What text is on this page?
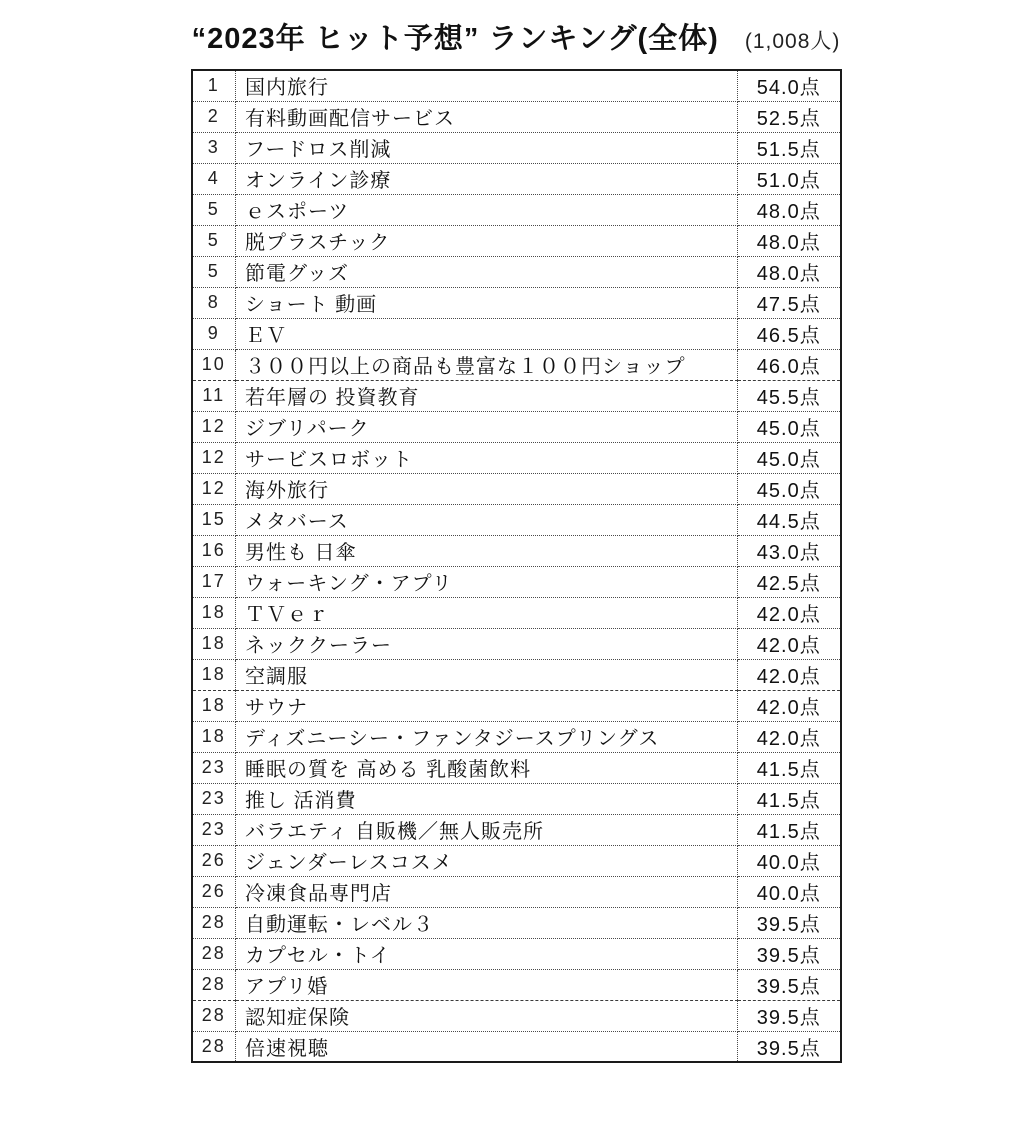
“2023年 ヒット予想” ランキング(全体) (1,008人)
1	国内旅行	54.0点
2	有料動画配信サービス	52.5点
3	フードロス削減	51.5点
4	オンライン診療	51.0点
5	ｅスポーツ	48.0点
5	脱プラスチック	48.0点
5	節電グッズ	48.0点
8	ショート 動画	47.5点
9	ＥＶ	46.5点
10	３００円以上の商品も豊富な１００円ショップ	46.0点
11	若年層の 投資教育	45.5点
12	ジブリパーク	45.0点
12	サービスロボット	45.0点
12	海外旅行	45.0点
15	メタバース	44.5点
16	男性も 日傘	43.0点
17	ウォーキング・アプリ	42.5点
18	ＴＶｅｒ	42.0点
18	ネッククーラー	42.0点
18	空調服	42.0点
18	サウナ	42.0点
18	ディズニーシー・ファンタジースプリングス	42.0点
23	睡眠の質を 高める 乳酸菌飲料	41.5点
23	推し 活消費	41.5点
23	バラエティ 自販機／無人販売所	41.5点
26	ジェンダーレスコスメ	40.0点
26	冷凍食品専門店	40.0点
28	自動運転・レベル３	39.5点
28	カプセル・トイ	39.5点
28	アプリ婚	39.5点
28	認知症保険	39.5点
28	倍速視聴	39.5点
